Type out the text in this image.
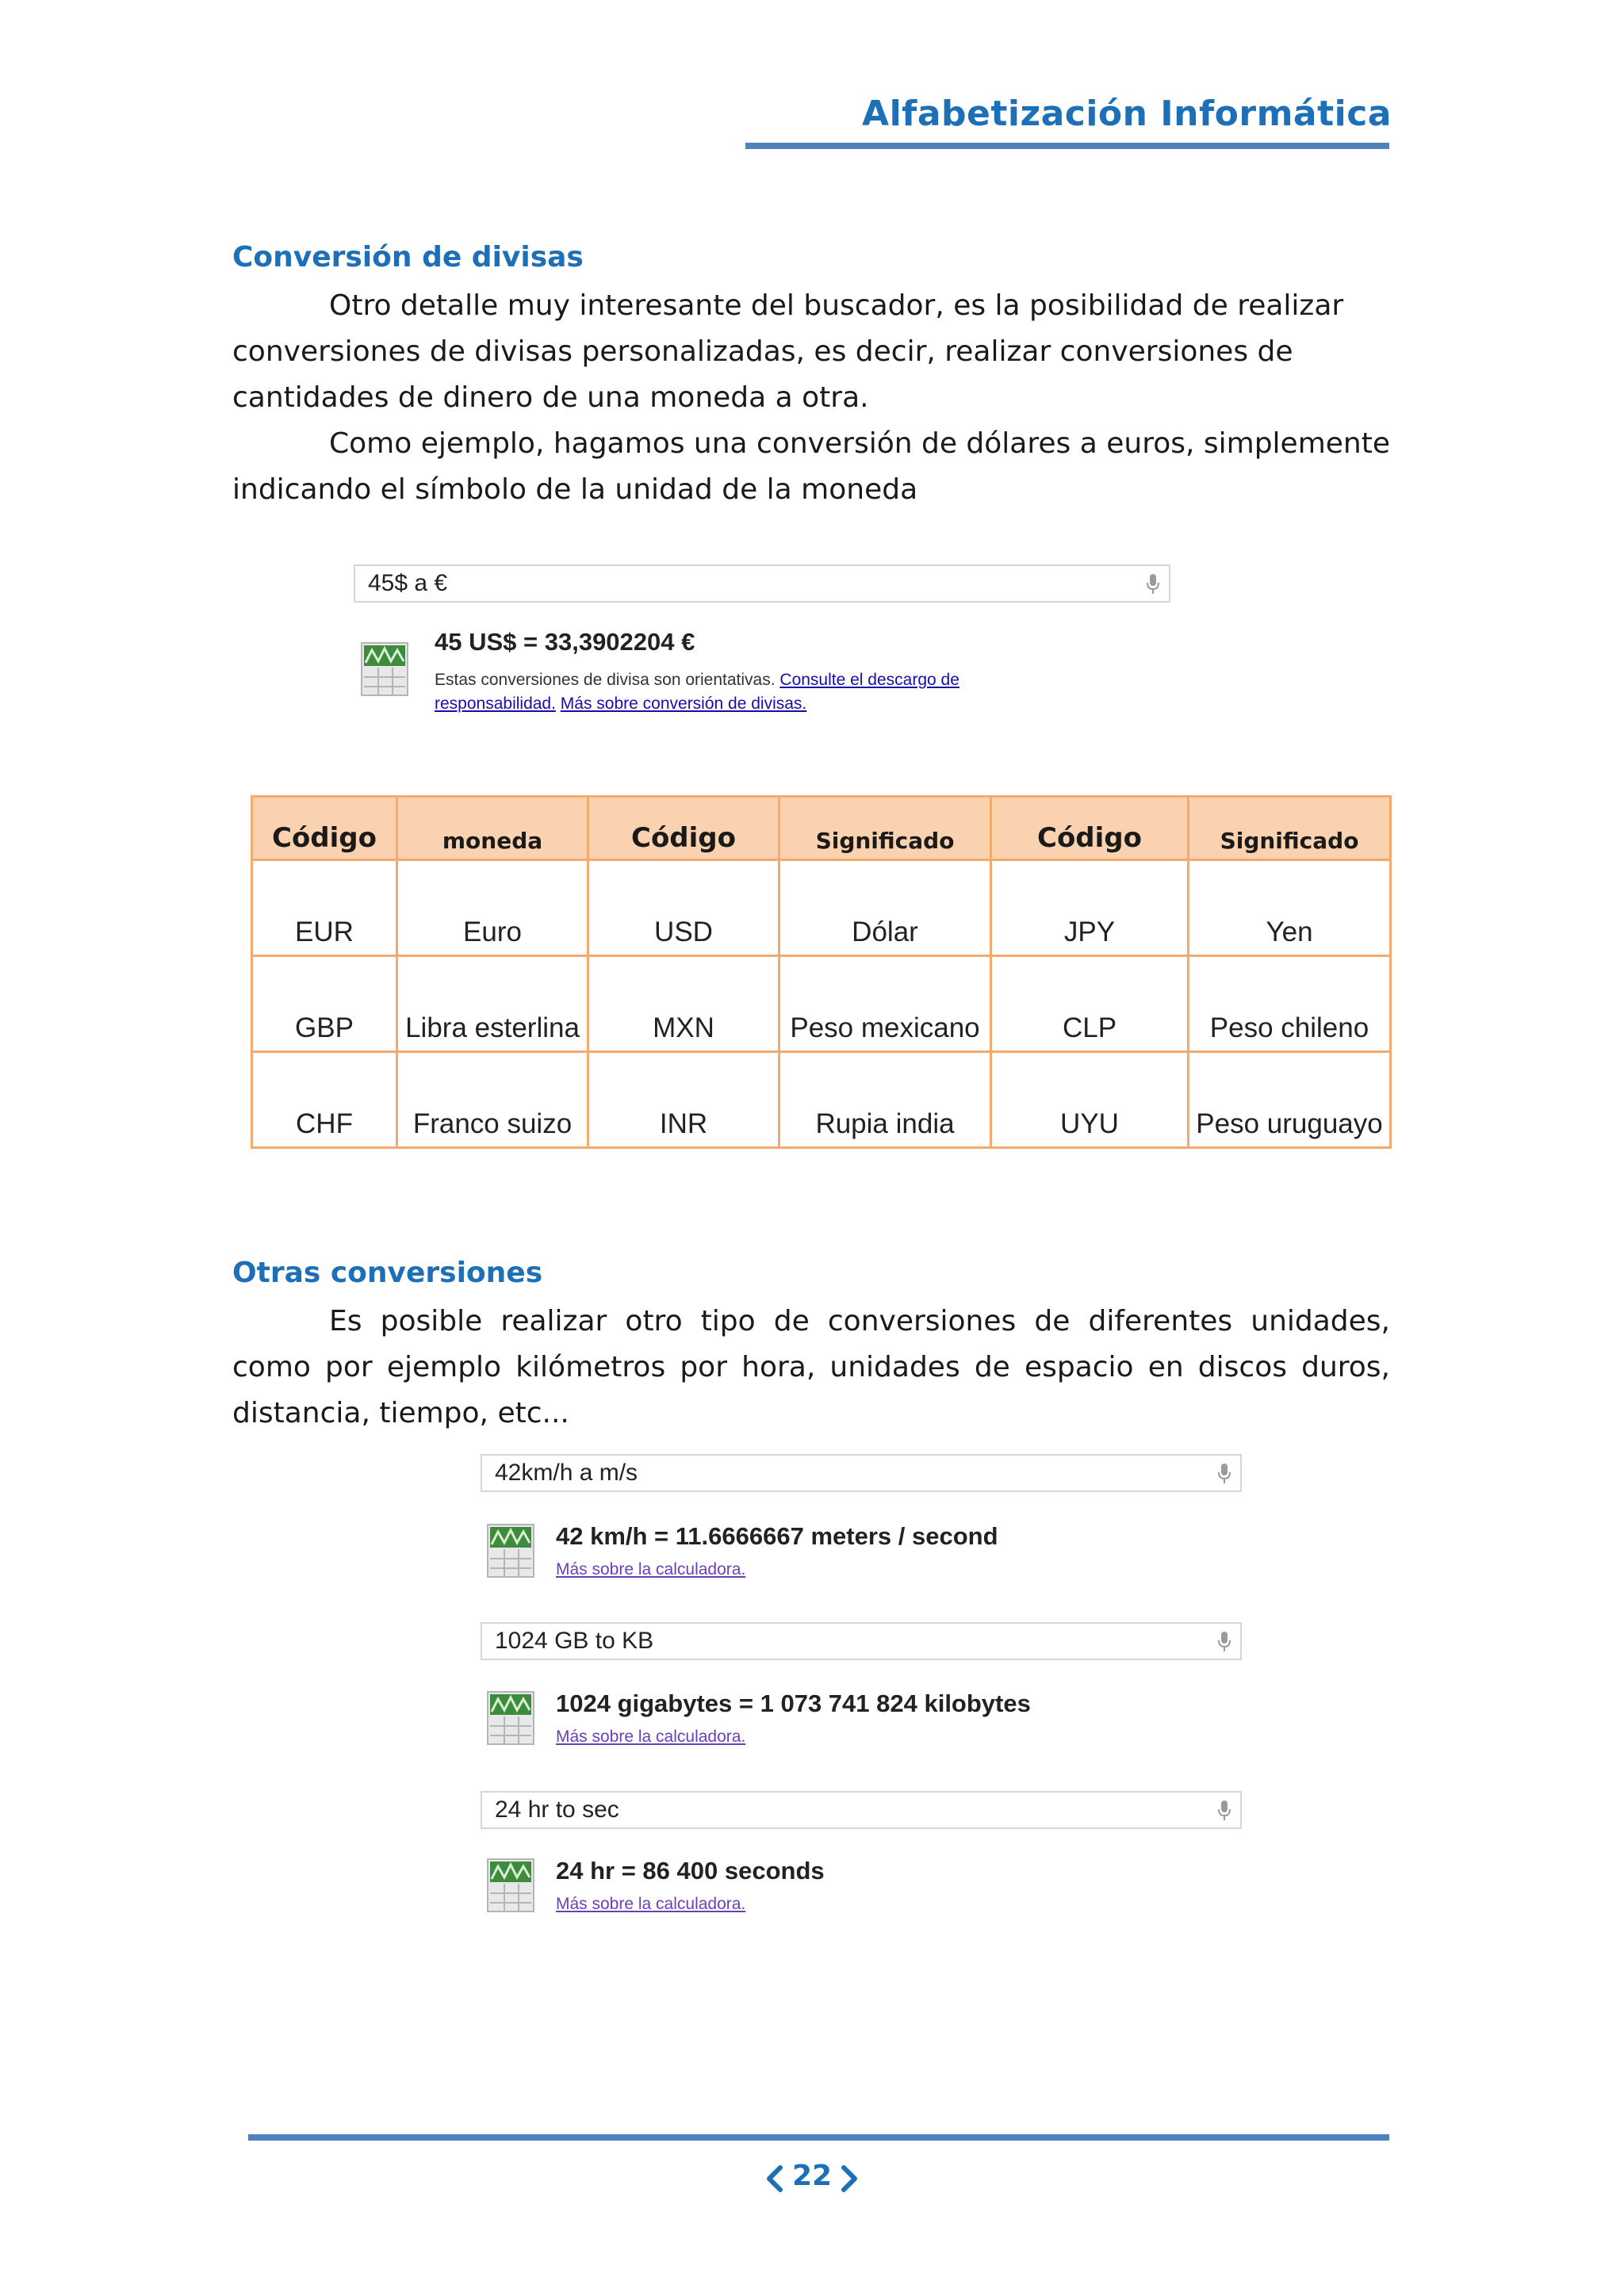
Alfabetización Informática
Conversión de divisas
Otro detalle muy interesante del buscador, es la posibilidad de realizar conversiones de divisas personalizadas, es decir, realizar conversiones de cantidades de dinero de una moneda a otra.
Como ejemplo, hagamos una conversión de dólares a euros, simplemente indicando el símbolo de la unidad de la moneda
45$ a €
45 US$ = 33,3902204 €
Estas conversiones de divisa son orientativas. Consulte el descargo de responsabilidad. Más sobre conversión de divisas.
Código	moneda	Código	Significado	Código	Significado
EUR	Euro	USD	Dólar	JPY	Yen
GBP	Libra esterlina	MXN	Peso mexicano	CLP	Peso chileno
CHF	Franco suizo	INR	Rupia india	UYU	Peso uruguayo
Otras conversiones
Es posible realizar otro tipo de conversiones de diferentes unidades, como por ejemplo kilómetros por hora, unidades de espacio en discos duros, distancia, tiempo, etc...
42km/h a m/s
42 km/h = 11.6666667 meters / second
Más sobre la calculadora.
1024 GB to KB
1024 gigabytes = 1 073 741 824 kilobytes
Más sobre la calculadora.
24 hr to sec
24 hr = 86 400 seconds
Más sobre la calculadora.
22
